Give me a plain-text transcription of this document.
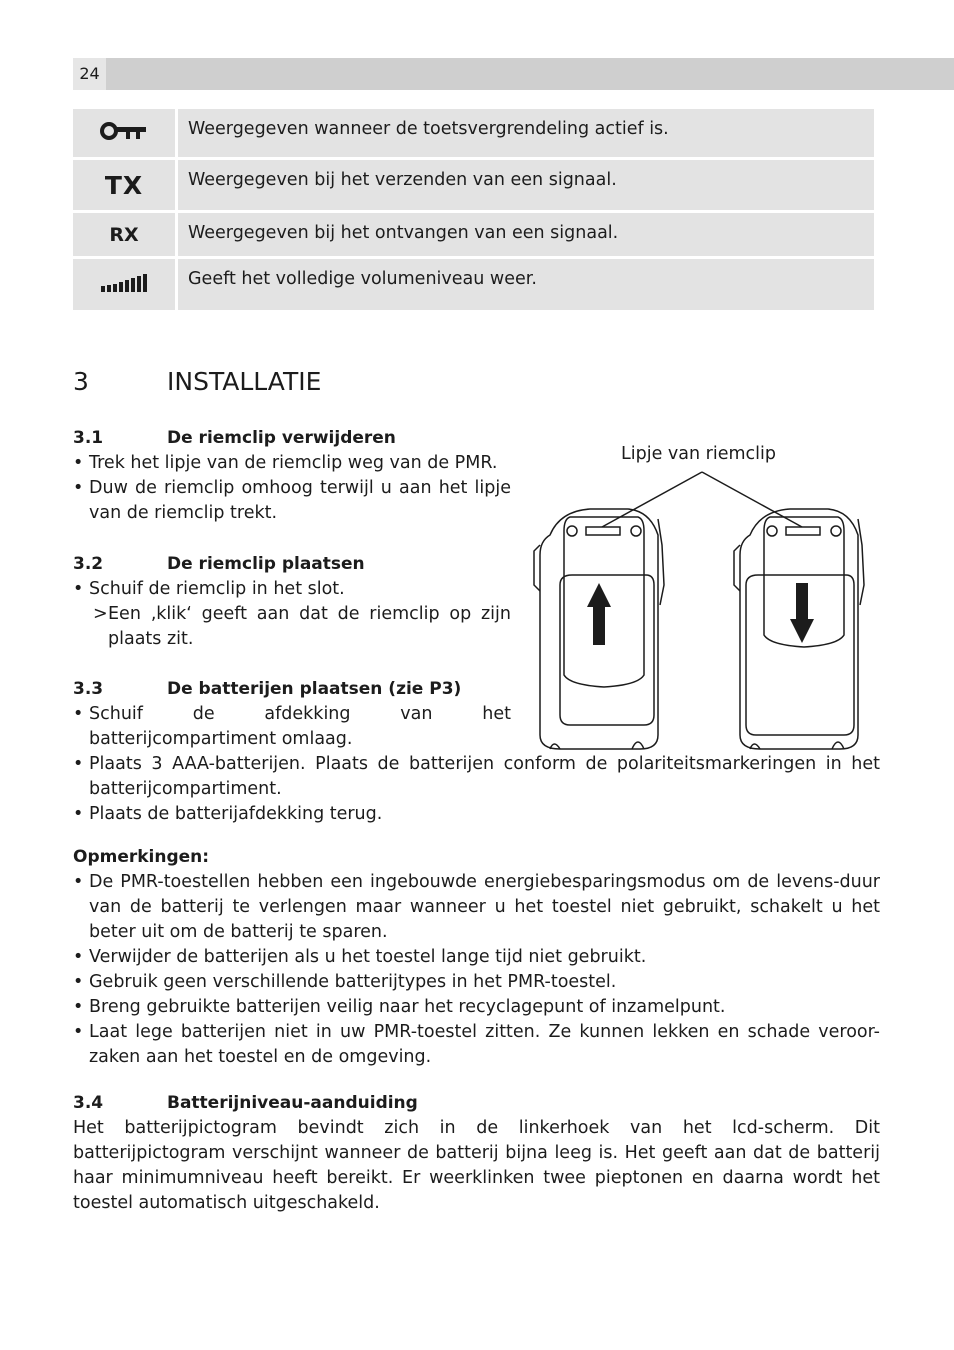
24
	Weergegeven wanneer de toetsvergrendeling actief is.
TX	Weergegeven bij het verzenden van een signaal.
RX	Weergegeven bij het ontvangen van een signaal.
	Geeft het volledige volumeniveau weer.
3	INSTALLATIE
3.1	De riemclip verwijderen
• Trek het lipje van de riemclip weg van de PMR.
• Duw de riemclip omhoog terwijl u aan het lipje van de riemclip trekt.
3.2	De riemclip plaatsen
• Schuif de riemclip in het slot.
> Een ‚klik‘ geeft aan dat de riemclip op zijn plaats zit.
3.3	De batterijen plaatsen (zie P3)
• Schuif de afdekking van het batterijcompartiment omlaag.
• Plaats 3 AAA-batterijen. Plaats de batterijen conform de polariteitsmarkeringen in het batterijcompartiment.
• Plaats de batterijafdekking terug.
Opmerkingen:
• De PMR-toestellen hebben een ingebouwde energiebesparingsmodus om de levens-duur van de batterij te verlengen maar wanneer u het toestel niet gebruikt, schakelt u het beter uit om de batterij te sparen.
• Verwijder de batterijen als u het toestel lange tijd niet gebruikt.
• Gebruik geen verschillende batterijtypes in het PMR-toestel.
• Breng gebruikte batterijen veilig naar het recyclagepunt of inzamelpunt.
• Laat lege batterijen niet in uw PMR-toestel zitten. Ze kunnen lekken en schade veroor-zaken aan het toestel en de omgeving.
3.4	Batterijniveau-aanduiding

Het batterijpictogram bevindt zich in de linkerhoek van het lcd-scherm. Dit batterijpictogram verschijnt wanneer de batterij bijna leeg is. Het geeft aan dat de batterij haar minimumniveau heeft bereikt. Er weerklinken twee pieptonen en daarna wordt het toestel automatisch uitgeschakeld.

Lipje van riemclip
